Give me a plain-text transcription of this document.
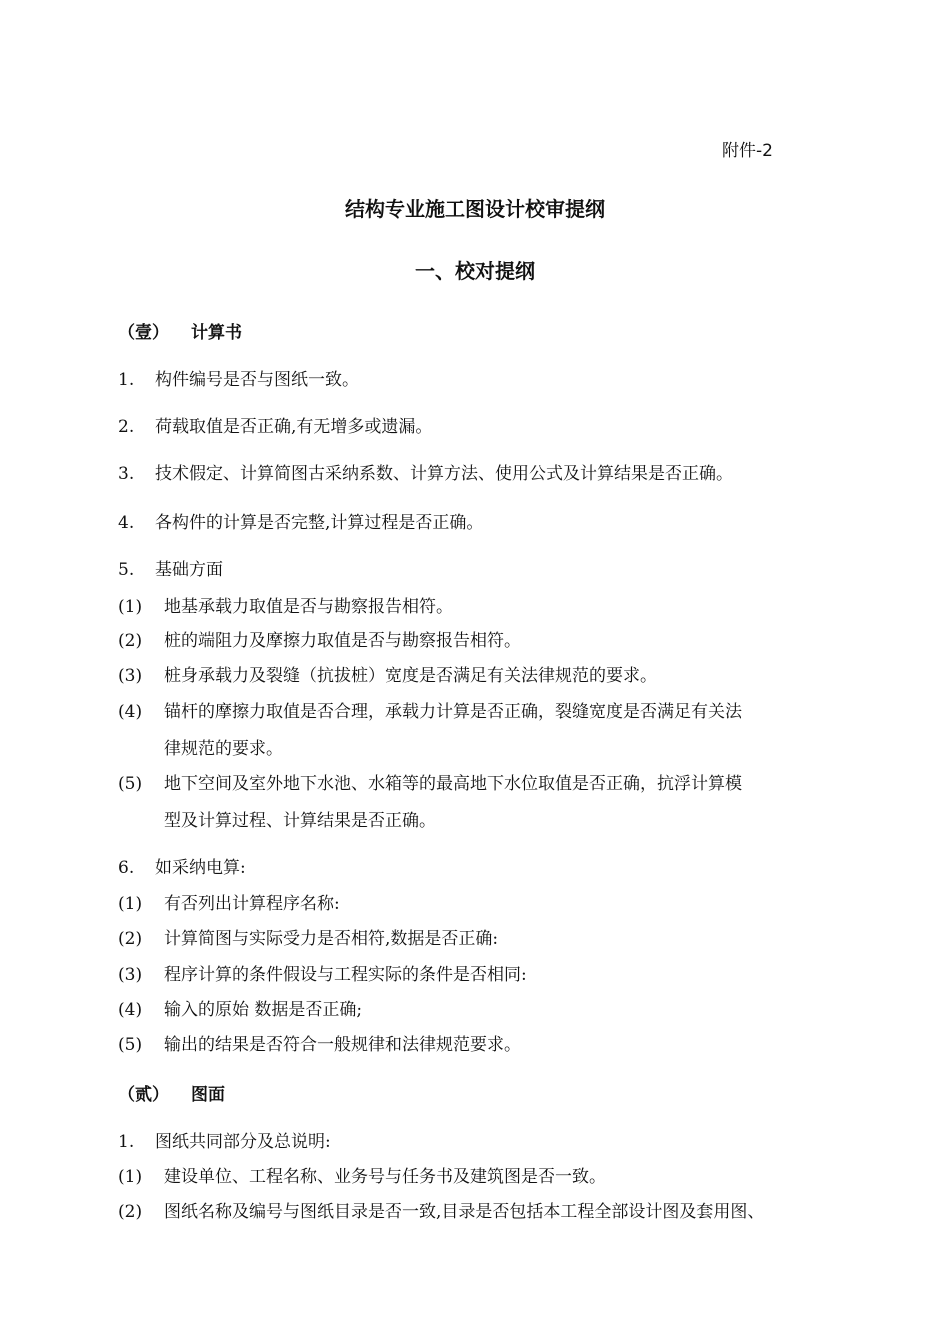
附件-2
结构专业施工图设计校审提纲
一、校对提纲
（壹） 计算书
1. 构件编号是否与图纸一致。
2. 荷载取值是否正确,有无增多或遗漏。
3. 技术假定、计算简图古采纳系数、计算方法、使用公式及计算结果是否正确。
4. 各构件的计算是否完整,计算过程是否正确。
5. 基础方面
(1) 地基承载力取值是否与勘察报告相符。
(2) 桩的端阻力及摩擦力取值是否与勘察报告相符。
(3) 桩身承载力及裂缝（抗拔桩）宽度是否满足有关法律规范的要求。
(4) 锚杆的摩擦力取值是否合理，承载力计算是否正确，裂缝宽度是否满足有关法
律规范的要求。
(5) 地下空间及室外地下水池、水箱等的最高地下水位取值是否正确，抗浮计算模
型及计算过程、计算结果是否正确。
6. 如采纳电算:
(1) 有否列出计算程序名称:
(2) 计算简图与实际受力是否相符,数据是否正确:
(3) 程序计算的条件假设与工程实际的条件是否相同:
(4) 输入的原始 数据是否正确;
(5) 输出的结果是否符合一般规律和法律规范要求。
（贰） 图面
1. 图纸共同部分及总说明:
(1) 建设单位、工程名称、业务号与任务书及建筑图是否一致。
(2) 图纸名称及编号与图纸目录是否一致,目录是否包括本工程全部设计图及套用图、
